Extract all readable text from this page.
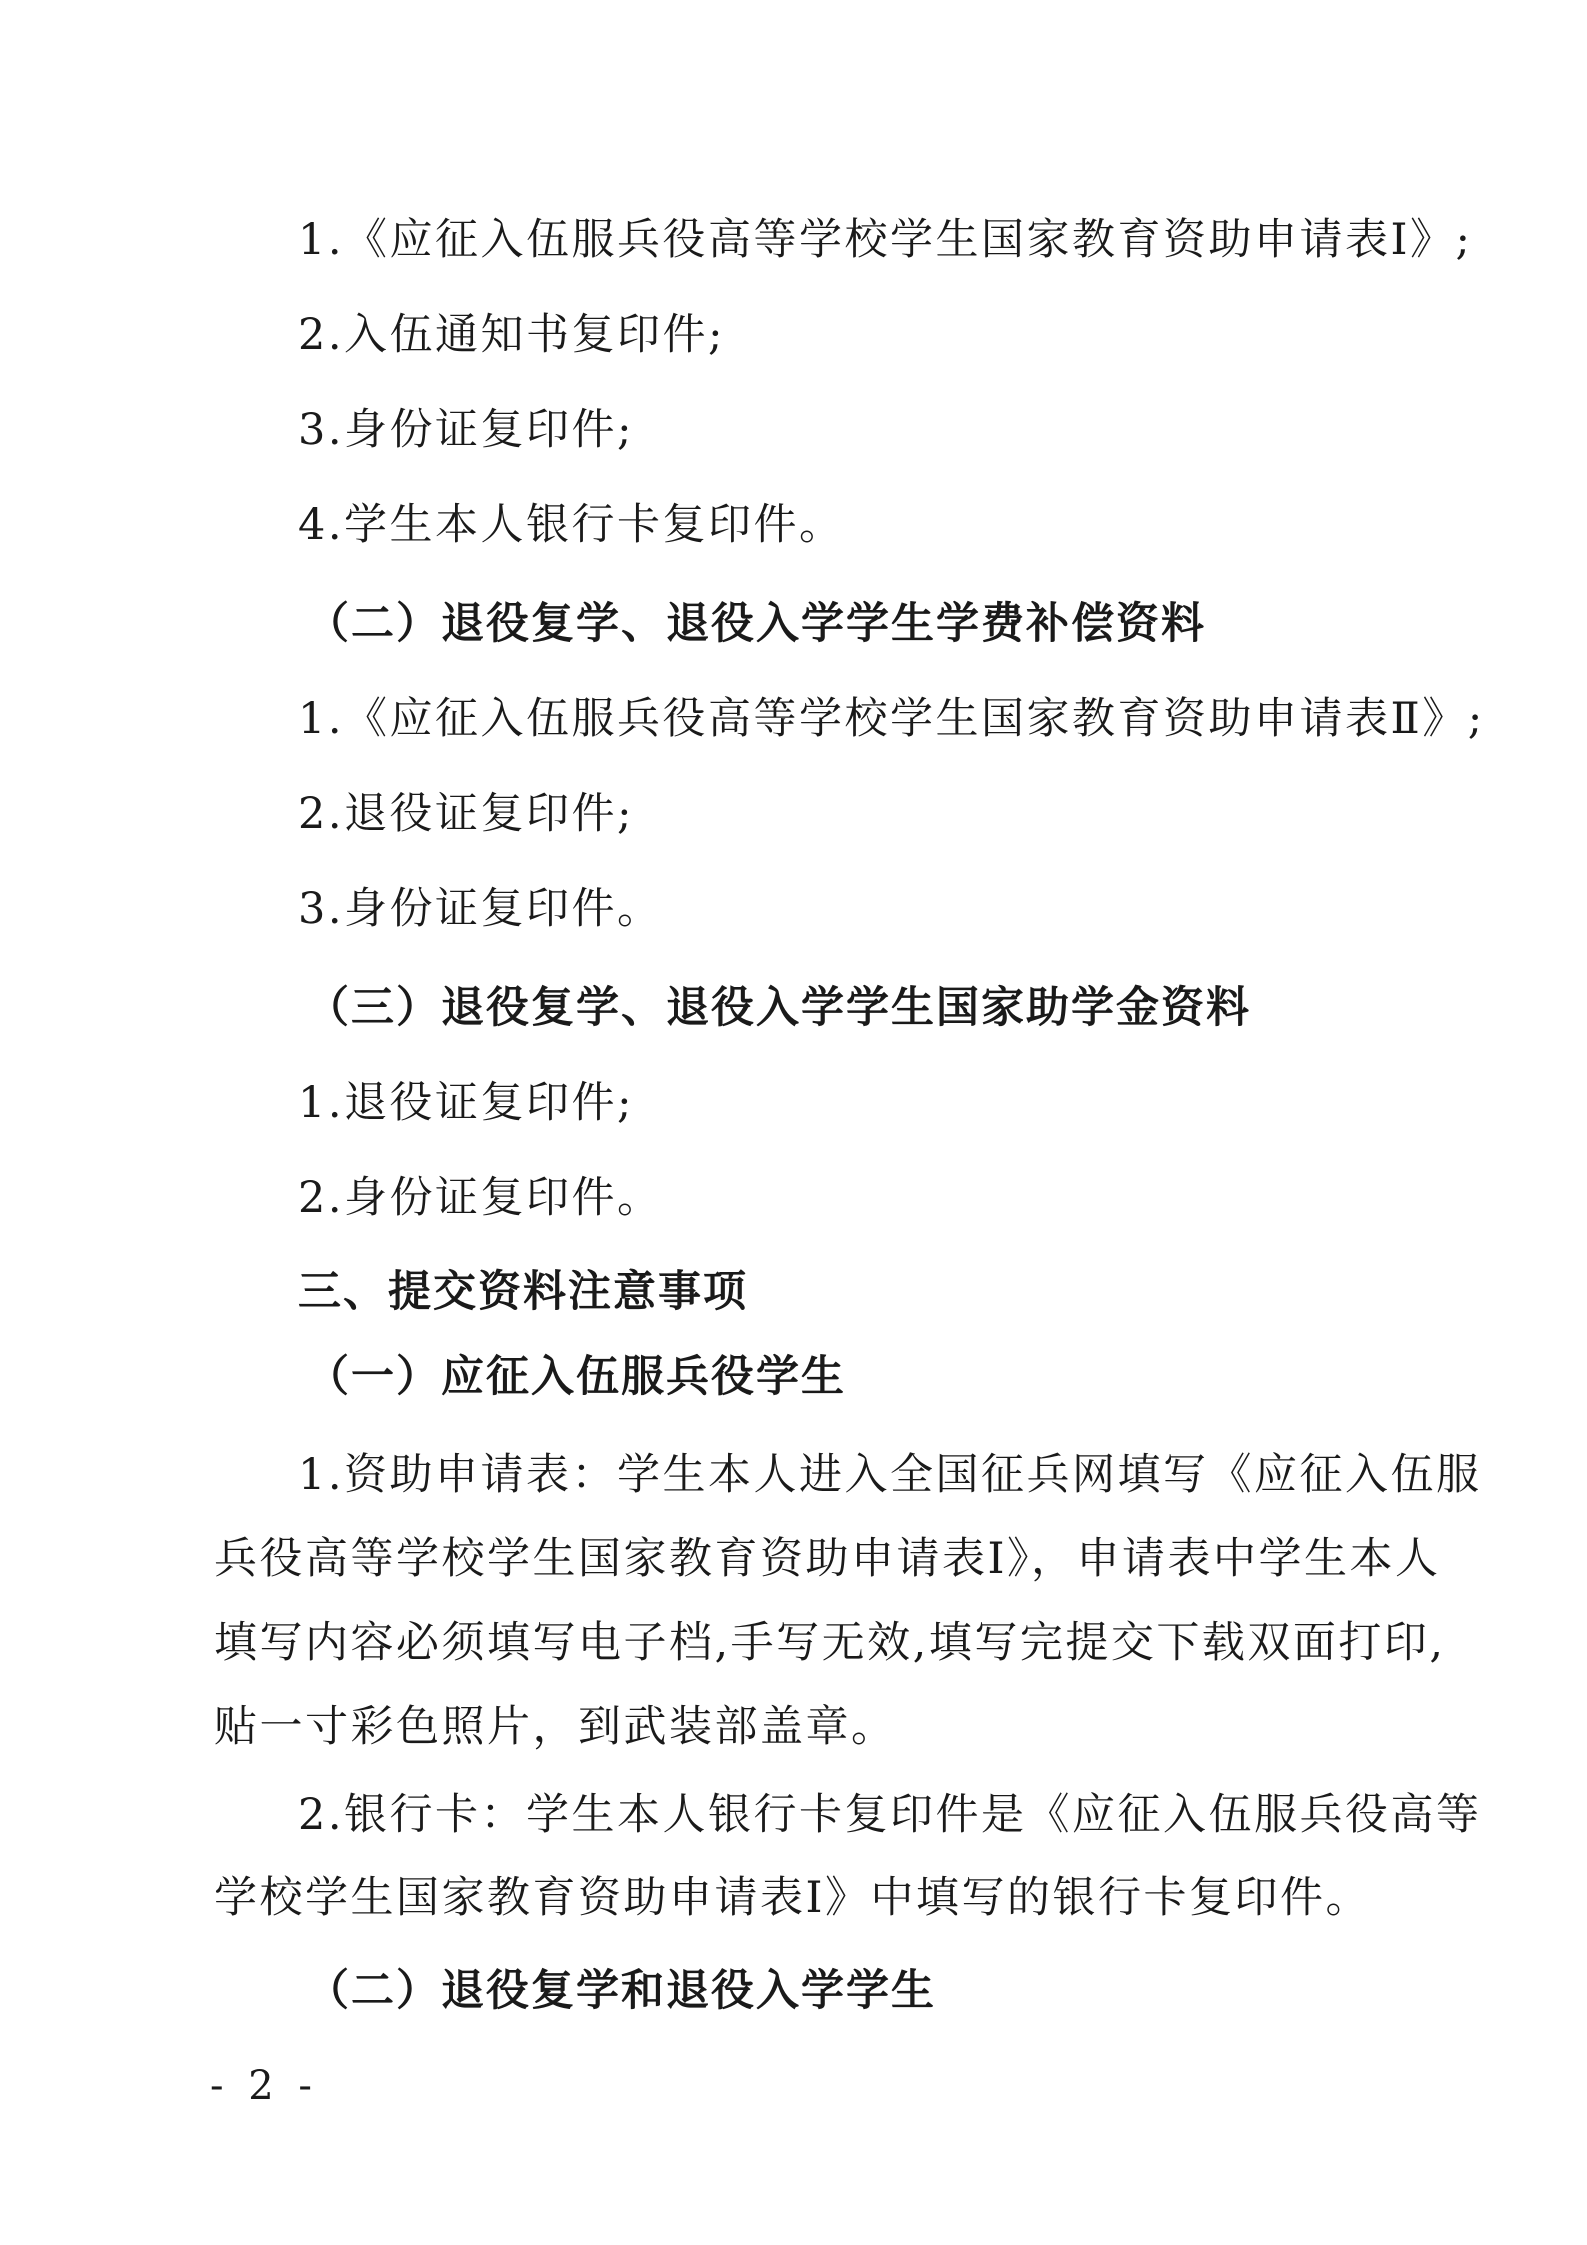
1.《应征入伍服兵役高等学校学生国家教育资助申请表Ⅰ》;
2.入伍通知书复印件;
3.身份证复印件;
4.学生本人银行卡复印件。
（二）退役复学、退役入学学生学费补偿资料
1.《应征入伍服兵役高等学校学生国家教育资助申请表Ⅱ》;
2.退役证复印件;
3.身份证复印件。
（三）退役复学、退役入学学生国家助学金资料
1.退役证复印件;
2.身份证复印件。
三、提交资料注意事项
（一）应征入伍服兵役学生
1.资助申请表：学生本人进入全国征兵网填写《应征入伍服
兵役高等学校学生国家教育资助申请表Ⅰ》，申请表中学生本人
填写内容必须填写电子档,手写无效,填写完提交下载双面打印,
贴一寸彩色照片，到武装部盖章。
2.银行卡：学生本人银行卡复印件是《应征入伍服兵役高等
学校学生国家教育资助申请表Ⅰ》中填写的银行卡复印件。
（二）退役复学和退役入学学生
- 2 -
